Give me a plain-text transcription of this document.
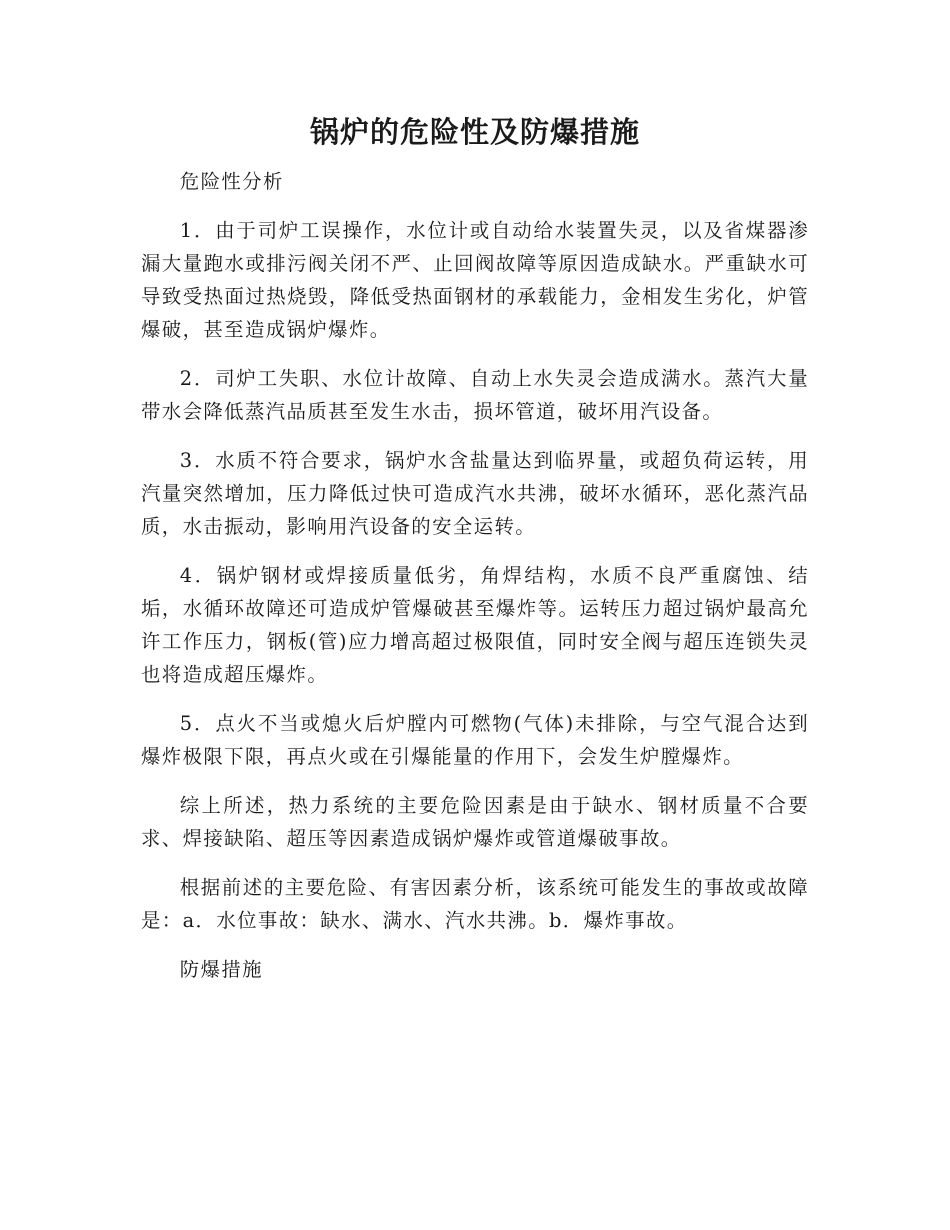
锅炉的危险性及防爆措施

危险性分析

1．由于司炉工误操作，水位计或自动给水装置失灵，以及省煤器渗漏大量跑水或排污阀关闭不严、止回阀故障等原因造成缺水。严重缺水可导致受热面过热烧毁，降低受热面钢材的承载能力，金相发生劣化，炉管爆破，甚至造成锅炉爆炸。

2．司炉工失职、水位计故障、自动上水失灵会造成满水。蒸汽大量带水会降低蒸汽品质甚至发生水击，损坏管道，破坏用汽设备。

3．水质不符合要求，锅炉水含盐量达到临界量，或超负荷运转，用汽量突然增加，压力降低过快可造成汽水共沸，破坏水循环，恶化蒸汽品质，水击振动，影响用汽设备的安全运转。

4．锅炉钢材或焊接质量低劣，角焊结构，水质不良严重腐蚀、结垢，水循环故障还可造成炉管爆破甚至爆炸等。运转压力超过锅炉最高允许工作压力，钢板(管)应力增高超过极限值，同时安全阀与超压连锁失灵也将造成超压爆炸。

5．点火不当或熄火后炉膛内可燃物(气体)未排除，与空气混合达到爆炸极限下限，再点火或在引爆能量的作用下，会发生炉膛爆炸。

综上所述，热力系统的主要危险因素是由于缺水、钢材质量不合要求、焊接缺陷、超压等因素造成锅炉爆炸或管道爆破事故。

根据前述的主要危险、有害因素分析，该系统可能发生的事故或故障是：a．水位事故：缺水、满水、汽水共沸。b．爆炸事故。

防爆措施
